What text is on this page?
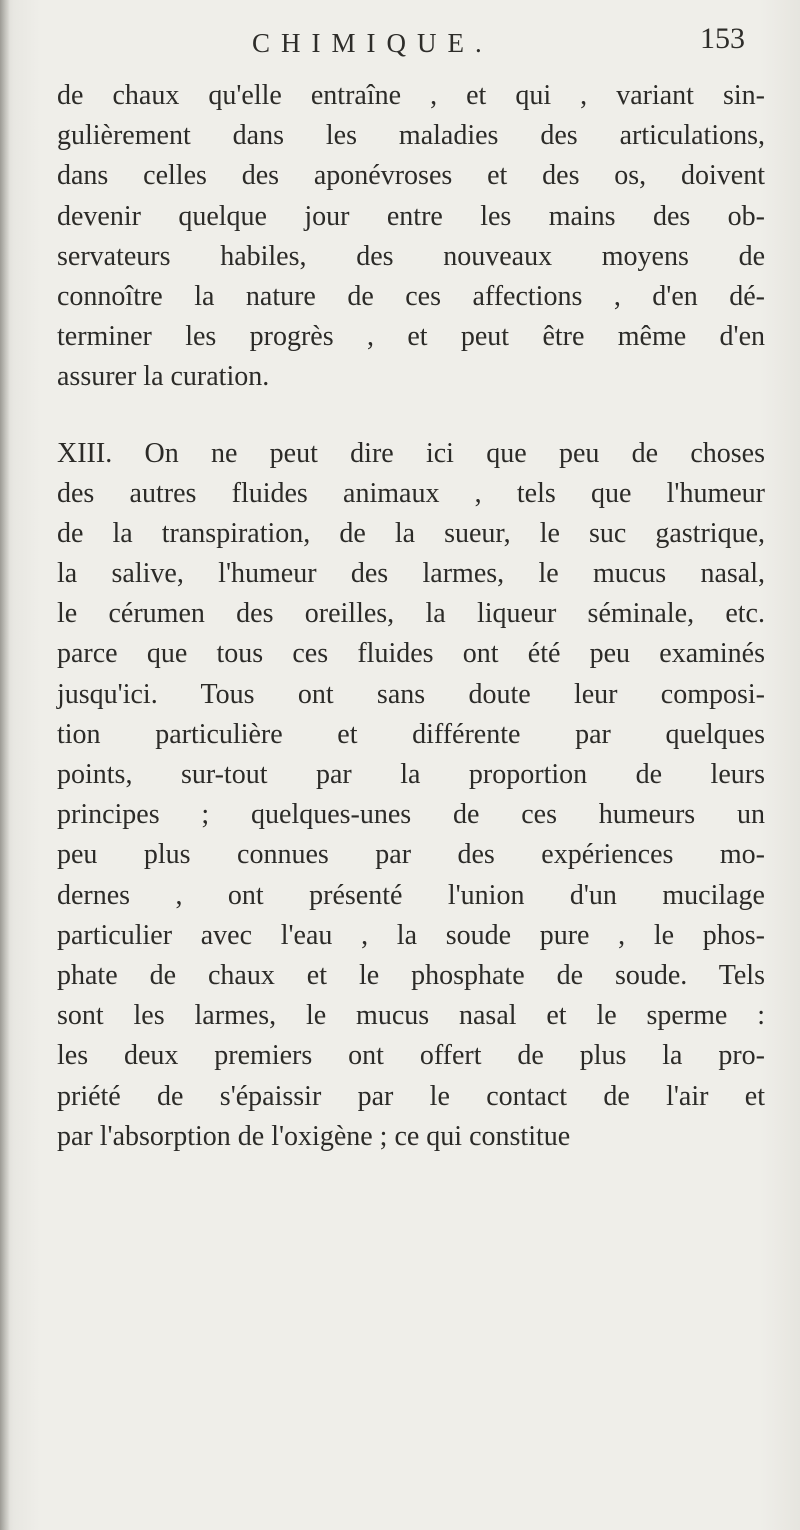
CHIMIQUE.	153
de chaux qu'elle entraîne , et qui , variant sin-
gulièrement dans les maladies des articulations,
dans celles des aponévroses et des os, doivent
devenir quelque jour entre les mains des ob-
servateurs habiles, des nouveaux moyens de
connoître la nature de ces affections , d'en dé-
terminer les progrès , et peut être même d'en
assurer la curation.
XIII. On ne peut dire ici que peu de choses
des autres fluides animaux , tels que l'humeur
de la transpiration, de la sueur, le suc gastrique,
la salive, l'humeur des larmes, le mucus nasal,
le cérumen des oreilles, la liqueur séminale, etc.
parce que tous ces fluides ont été peu examinés
jusqu'ici. Tous ont sans doute leur composi-
tion particulière et différente par quelques
points, sur-tout par la proportion de leurs
principes ; quelques-unes de ces humeurs un
peu plus connues par des expériences mo-
dernes , ont présenté l'union d'un mucilage
particulier avec l'eau , la soude pure , le phos-
phate de chaux et le phosphate de soude. Tels
sont les larmes, le mucus nasal et le sperme :
les deux premiers ont offert de plus la pro-
priété de s'épaissir par le contact de l'air et
par l'absorption de l'oxigène ; ce qui constitue
